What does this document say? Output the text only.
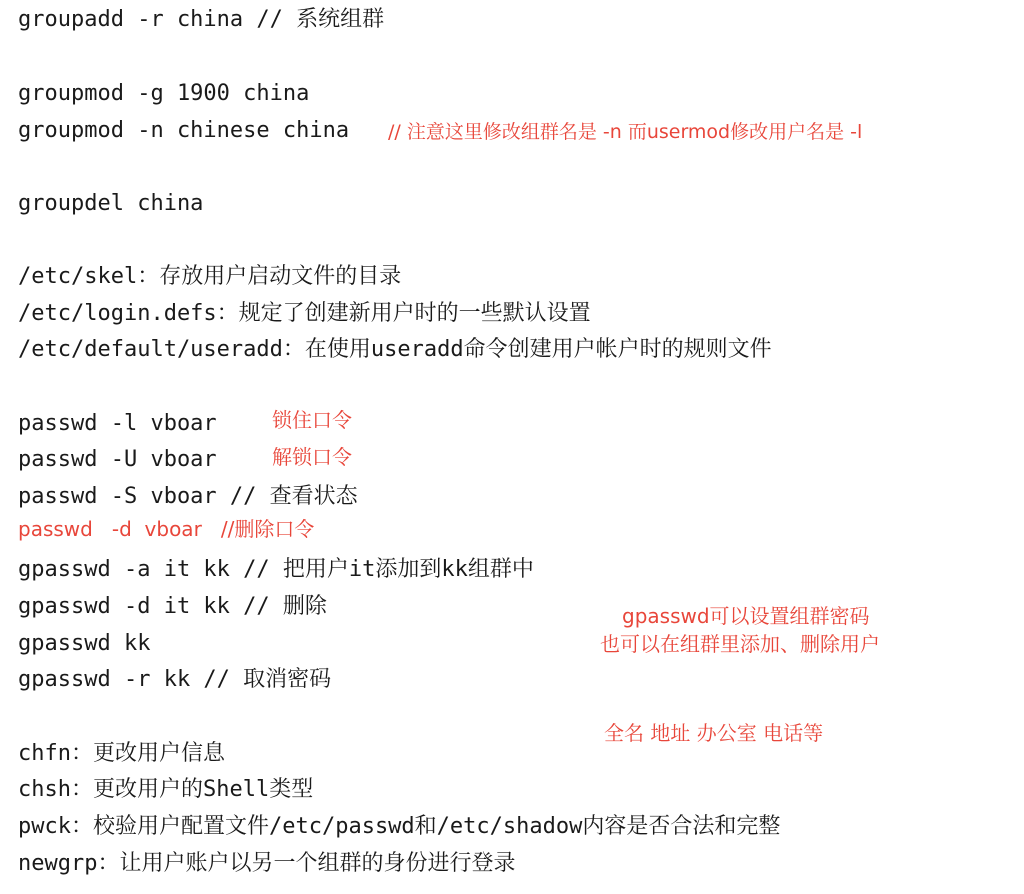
groupadd -r china // 系统组群
groupmod -g 1900 china
groupmod -n chinese china // 注意这里修改组群名是 -n 而usermod修改用户名是 -l
groupdel china
/etc/skel：存放用户启动文件的目录
/etc/login.defs：规定了创建新用户时的一些默认设置
/etc/default/useradd：在使用useradd命令创建用户帐户时的规则文件
passwd -l vboar	锁住口令
passwd -U vboar	解锁口令
passwd -S vboar // 查看状态
passwd   -d  vboar   //删除口令
gpasswd -a it kk // 把用户it添加到kk组群中
gpasswd -d it kk // 删除	gpasswd可以设置组群密码
gpasswd kk	也可以在组群里添加、删除用户
gpasswd -r kk // 取消密码
全名 地址 办公室 电话等
chfn：更改用户信息
chsh：更改用户的Shell类型
pwck：校验用户配置文件/etc/passwd和/etc/shadow内容是否合法和完整
newgrp：让用户账户以另一个组群的身份进行登录
